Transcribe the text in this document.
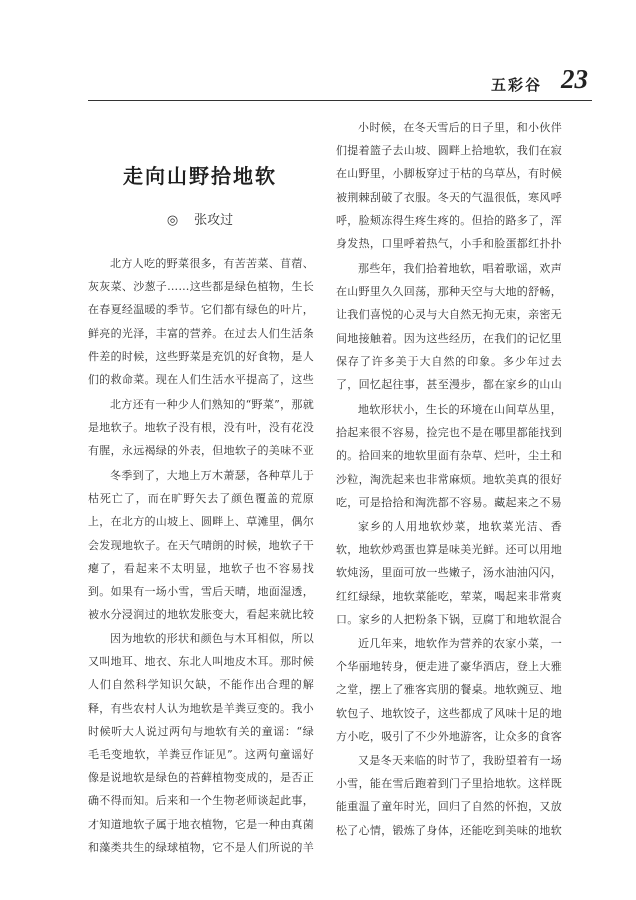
五彩谷 23
走向山野拾地软
◎ 张攻过

北方人吃的野菜很多，有苦苦菜、苜蓿、灰灰菜、沙葱子……这些都是绿色植物，生长在春夏经温暖的季节。它们都有绿色的叶片，鲜亮的光泽，丰富的营养。在过去人们生活条件差的时候，这些野菜是充饥的好食物，是人们的救命菜。现在人们生活水平提高了，这些

北方还有一种少人们熟知的“野菜”，那就是地软子。地软子没有根，没有叶，没有花没有腥，永远褐绿的外表，但地软子的美味不亚

冬季到了，大地上万木萧瑟，各种草儿于枯死亡了，而在旷野矢去了颜色覆盖的荒原上，在北方的山坡上、圆畔上、草滩里，偶尔会发现地软子。在天气晴朗的时候，地软子干瘪了，看起来不太明显，地软子也不容易找到。如果有一场小雪，雪后天晴，地面湿透，被水分浸润过的地软发胀变大，看起来就比较

因为地软的形状和颜色与木耳相似，所以又叫地耳、地衣、东北人叫地皮木耳。那时候人们自然科学知识欠缺，不能作出合理的解释，有些农村人认为地软是羊粪豆变的。我小时候听大人说过两句与地软有关的童谣：“绿毛毛变地软，羊粪豆作证见”。这两句童谣好像是说地软是绿色的苔藓植物变成的，是否正确不得而知。后来和一个生物老师谈起此事，才知道地软子属于地衣植物，它是一种由真菌和藻类共生的绿球植物，它不是人们所说的羊

小时候，在冬天雪后的日子里，和小伙伴们提着篮子去山坡、圆畔上拾地软，我们在寂在山野里，小脚板穿过于枯的乌草丛，有时候被荆棘刮破了衣服。冬天的气温很低，寒风呼呼，脸颊冻得生疼生疼的。但拾的路多了，浑身发热，口里呼着热气，小手和脸蛋都红扑扑

那些年，我们拾着地软，唱着歌谣，欢声在山野里久久回荡，那种天空与大地的舒畅，让我们喜悦的心灵与大自然无拘无束，亲密无间地接触着。因为这些经历，在我们的记忆里保存了许多美于大自然的印象。多少年过去了，回忆起往事，甚至漫步，都在家乡的山山

地软形状小，生长的环境在山间草丛里，拾起来很不容易，捡完也不是在哪里都能找到的。拾回来的地软里面有杂草、烂叶，尘土和沙粒，淘洗起来也非常麻烦。地软美真的很好吃，可是拾拾和淘洗都不容易。藏起来之不易

家乡的人用地软炒菜，地软菜光洁、香软，地软炒鸡蛋也算是味美光鲜。还可以用地软炖汤，里面可放一些嫩子，汤水油油闪闪，红红绿绿，地软菜能吃，荤菜，喝起来非常爽口。家乡的人把粉条下锅，豆腐丁和地软混合

近几年来，地软作为营养的农家小菜，一个华丽地转身，便走进了豪华酒店，登上大雅之堂，摆上了雅客宾朋的餐桌。地软豌豆、地软包子、地软饺子，这些都成了风味十足的地方小吃，吸引了不少外地游客，让众多的食客

又是冬天来临的时节了，我盼望着有一场小雪，能在雪后跑着到门子里拾地软。这样既能重温了童年时光，回归了自然的怀抱，又放松了心情，锻炼了身体，还能吃到美味的地软
